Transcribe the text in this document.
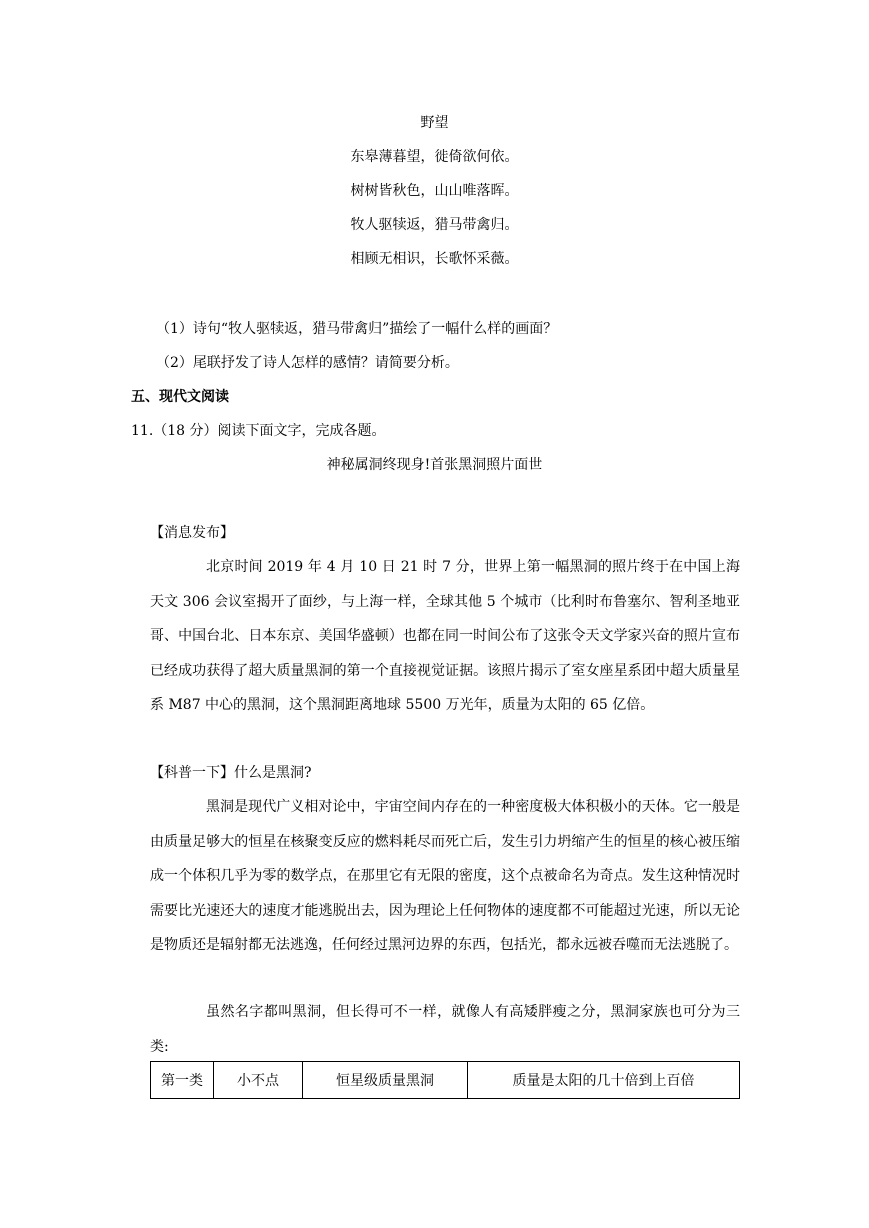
野望
东皋薄暮望，徙倚欲何依。
树树皆秋色，山山唯落晖。
牧人驱犊返，猎马带禽归。
相顾无相识，长歌怀采薇。
（1）诗句“牧人驱犊返，猎马带禽归”描绘了一幅什么样的画面？
（2）尾联抒发了诗人怎样的感情？请简要分析。
五、现代文阅读
11.（18 分）阅读下面文字，完成各题。
神秘属洞终现身!首张黑洞照片面世
【消息发布】
北京时间 2019 年 4 月 10 日 21 时 7 分，世界上第一幅黑洞的照片终于在中国上海天文 306 会议室揭开了面纱，与上海一样，全球其他 5 个城市（比利时布鲁塞尔、智利圣地亚哥、中国台北、日本东京、美国华盛顿）也都在同一时间公布了这张令天文学家兴奋的照片宣布已经成功获得了超大质量黑洞的第一个直接视觉证据。该照片揭示了室女座星系团中超大质量星系 M87 中心的黑洞，这个黑洞距离地球 5500 万光年，质量为太阳的 65 亿倍。
【科普一下】什么是黑洞?
黑洞是现代广义相对论中，宇宙空间内存在的一种密度极大体积极小的天体。它一般是由质量足够大的恒星在核聚变反应的燃料耗尽而死亡后，发生引力坍缩产生的恒星的核心被压缩成一个体积几乎为零的数学点，在那里它有无限的密度，这个点被命名为奇点。发生这种情况时需要比光速还大的速度才能逃脱出去，因为理论上任何物体的速度都不可能超过光速，所以无论是物质还是辐射都无法逃逸，任何经过黑河边界的东西，包括光，都永远被吞噬而无法逃脱了。
虽然名字都叫黑洞，但长得可不一样，就像人有高矮胖瘦之分，黑洞家族也可分为三类:
第一类	小不点	恒星级质量黑洞	质量是太阳的几十倍到上百倍
